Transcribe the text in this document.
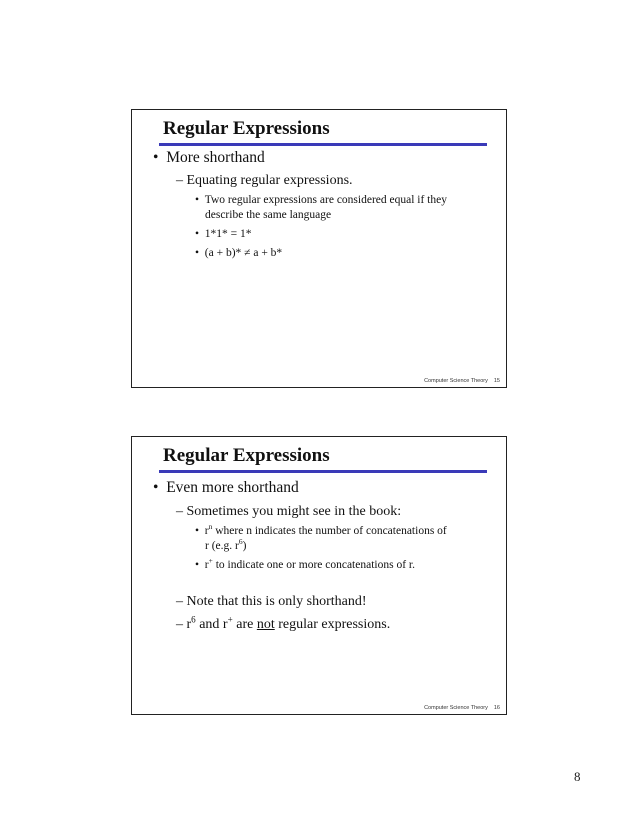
Regular Expressions
•  More shorthand
– Equating regular expressions.
•  Two regular expressions are considered equal if they
describe the same language
•  1*1* = 1*
•  (a + b)* ≠ a + b*
Computer Science Theory 15
Regular Expressions
•  Even more shorthand
– Sometimes you might see in the book:
•  $r^n$ where n indicates the number of concatenations of
r (e.g. $r^6$)
•  r+ to indicate one or more concatenations of r.
– Note that this is only shorthand!
– $r^6$ and r+ are not regular expressions.
Computer Science Theory 16
8
